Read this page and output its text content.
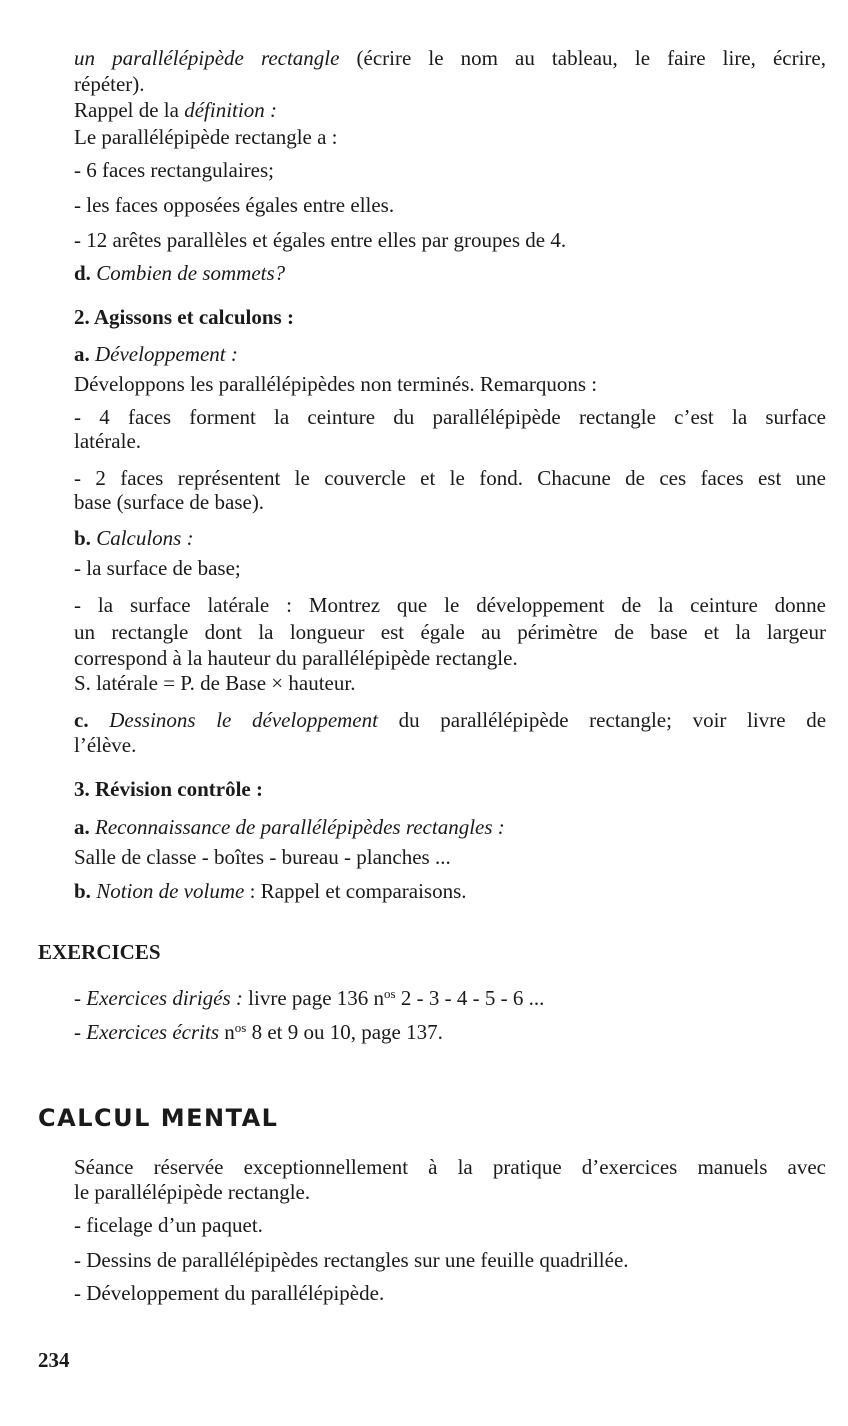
un parallélépipède rectangle (écrire le nom au tableau, le faire lire, écrire,
répéter).
Rappel de la définition :
Le parallélépipède rectangle a :
- 6 faces rectangulaires;
- les faces opposées égales entre elles.
- 12 arêtes parallèles et égales entre elles par groupes de 4.
d. Combien de sommets?
2. Agissons et calculons :
a. Développement :
Développons les parallélépipèdes non terminés. Remarquons :
- 4 faces forment la ceinture du parallélépipède rectangle c’est la surface
latérale.
- 2 faces représentent le couvercle et le fond. Chacune de ces faces est une
base (surface de base).
b. Calculons :
- la surface de base;
- la surface latérale : Montrez que le développement de la ceinture donne
un rectangle dont la longueur est égale au périmètre de base et la largeur
correspond à la hauteur du parallélépipède rectangle.
S. latérale = P. de Base × hauteur.
c. Dessinons le développement du parallélépipède rectangle; voir livre de
l’élève.
3. Révision contrôle :
a. Reconnaissance de parallélépipèdes rectangles :
Salle de classe - boîtes - bureau - planches ...
b. Notion de volume : Rappel et comparaisons.
EXERCICES
- Exercices dirigés : livre page 136 $n^{os}$ 2 - 3 - 4 - 5 - 6 ...
- Exercices écrits $n^{os}$ 8 et 9 ou 10, page 137.
CALCUL MENTAL
Séance réservée exceptionnellement à la pratique d’exercices manuels avec
le parallélépipède rectangle.
- ficelage d’un paquet.
- Dessins de parallélépipèdes rectangles sur une feuille quadrillée.
- Développement du parallélépipède.
234
